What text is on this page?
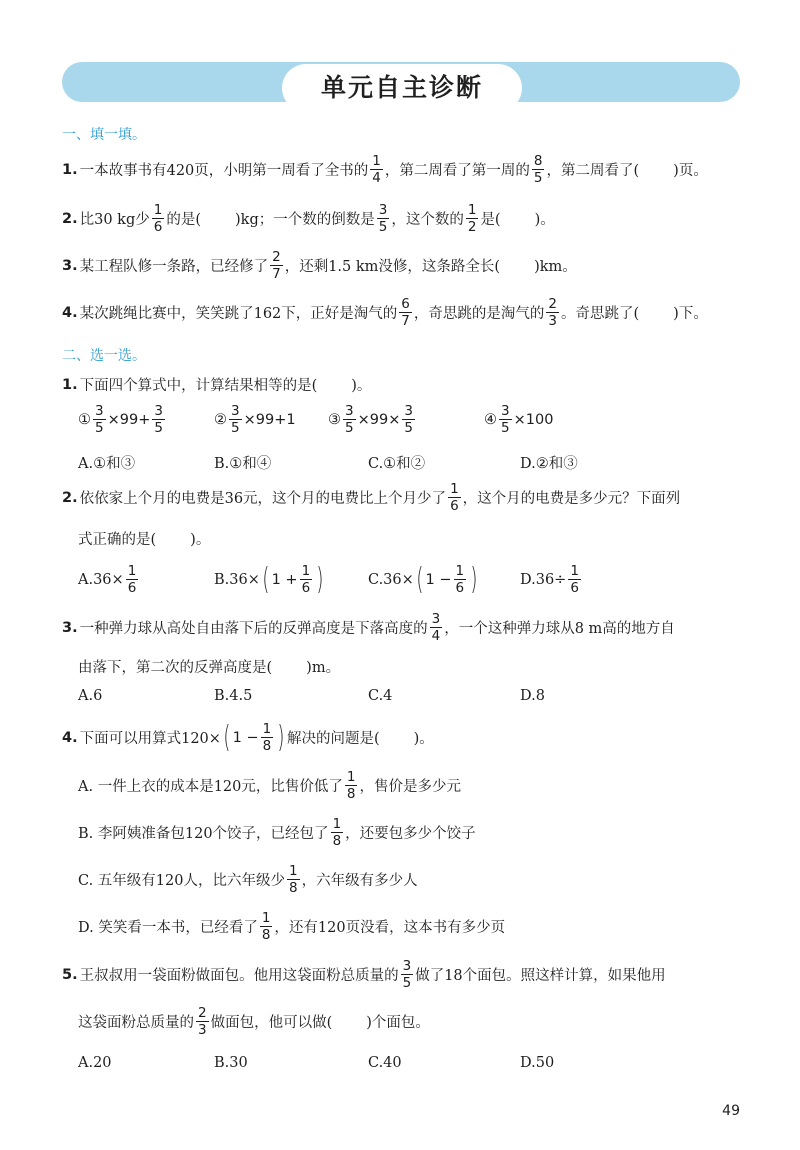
单元自主诊断
一、填一填。
1. 一本故事书有420页，小明第一周看了全书的 $\frac{1}{4}$ ，第二周看了第一周的 $\frac{8}{5}$ ，第二周看了( )页。
2. 比30 kg少 $\frac{1}{6}$ 的是( )kg；一个数的倒数是 $\frac{3}{5}$ ，这个数的 $\frac{1}{2}$ 是( )。
3. 某工程队修一条路，已经修了 $\frac{2}{7}$ ，还剩1.5 km没修，这条路全长( )km。
4. 某次跳绳比赛中，笑笑跳了162下，正好是淘气的 $\frac{6}{7}$ ，奇思跳的是淘气的 $\frac{2}{3}$ 。奇思跳了( )下。
二、选一选。
1. 下面四个算式中，计算结果相等的是( )。
① $\frac{3}{5} \times 99+ \frac{3}{5}$	② $\frac{3}{5} \times 99+1$ ③ $\frac{3}{5} \times 99\times \frac{3}{5}$	④ $\frac{3}{5} \times 100$
A.①和③	B.①和④	C.①和②	D.②和③
2. 依依家上个月的电费是36元，这个月的电费比上个月少了 $\frac{1}{6}$ ，这个月的电费是多少元？下面列
式正确的是( )。
$A.36\times \frac{1}{6}$	B.36× ( $1 + \frac{1}{6}$ )	C.36× ( $1 - \frac{1}{6}$ )	$D.36\div \frac{1}{6}$
3. 一种弹力球从高处自由落下后的反弹高度是下落高度的 $\frac{3}{4}$ ，一个这种弹力球从8 m高的地方自
由落下，第二次的反弹高度是( )m。
A.6	B.4.5	C.4	D.8
4. 下面可以用算式120× ( $1 - \frac{1}{8}$ ) 解决的问题是( )。
A. 一件上衣的成本是120元，比售价低了 $\frac{1}{8}$ ，售价是多少元
B. 李阿姨准备包120个饺子，已经包了 $\frac{1}{8}$ ，还要包多少个饺子
C. 五年级有120人，比六年级少 $\frac{1}{8}$ ，六年级有多少人
D. 笑笑看一本书，已经看了 $\frac{1}{8}$ ，还有120页没看，这本书有多少页
5. 王叔叔用一袋面粉做面包。他用这袋面粉总质量的 $\frac{3}{5}$ 做了18个面包。照这样计算，如果他用
这袋面粉总质量的 $\frac{2}{3}$ 做面包，他可以做( )个面包。
A.20	B.30	C.40	D.50
49
